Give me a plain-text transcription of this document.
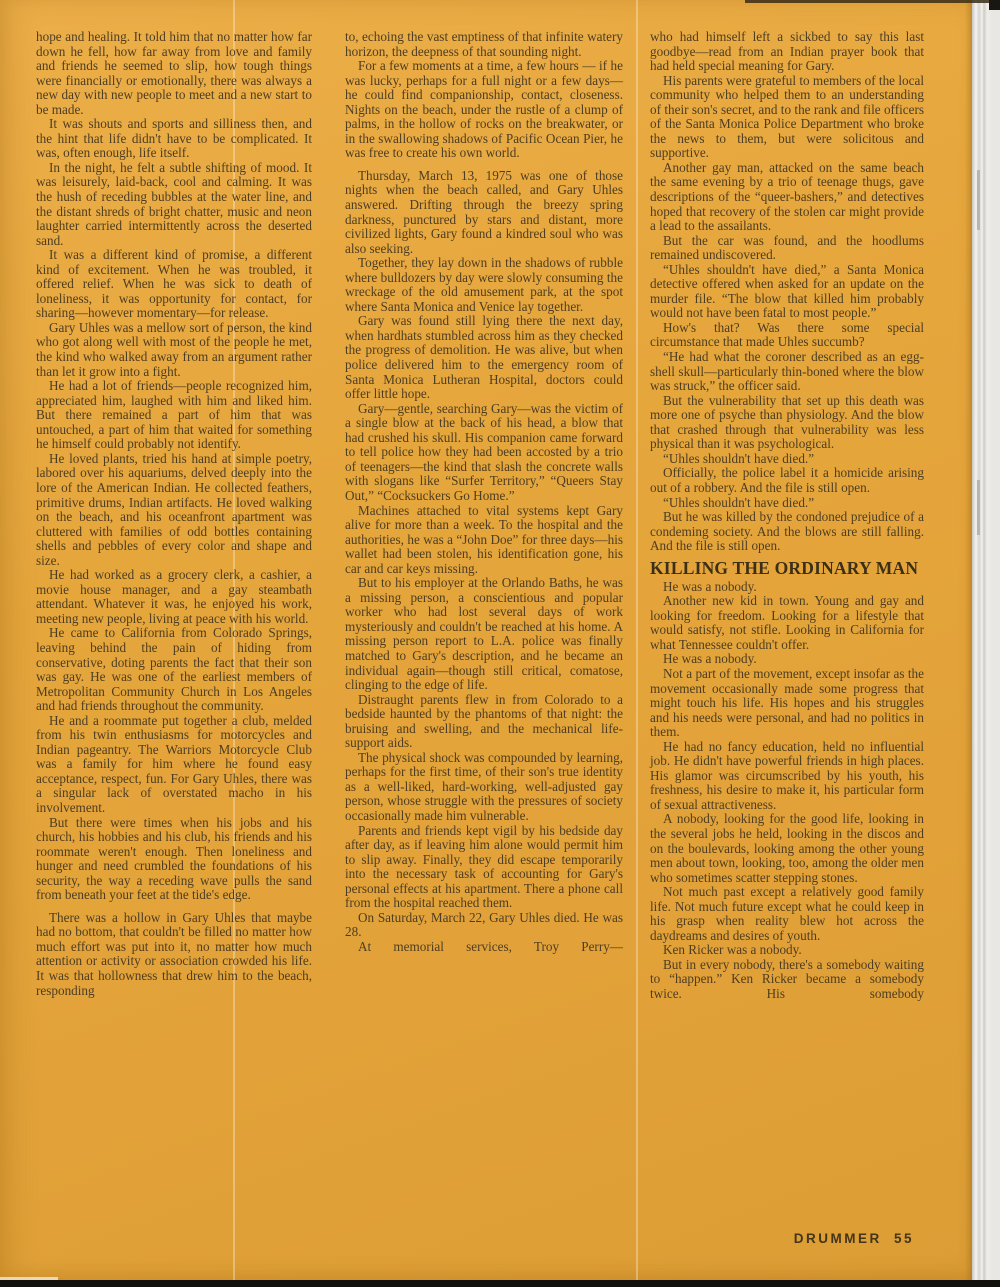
hope and healing. It told him that no matter how far down he fell, how far away from love and family and friends he seemed to slip, how tough things were financially or emotionally, there was always a new day with new people to meet and a new start to be made.

It was shouts and sports and silliness then, and the hint that life didn't have to be complicated. It was, often enough, life itself.

In the night, he felt a subtle shifting of mood. It was leisurely, laid-back, cool and calming. It was the hush of receding bubbles at the water line, and the distant shreds of bright chatter, music and neon laughter carried intermittently across the deserted sand.

It was a different kind of promise, a different kind of excitement. When he was troubled, it offered relief. When he was sick to death of loneliness, it was opportunity for contact, for sharing—however momentary—for release.

Gary Uhles was a mellow sort of person, the kind who got along well with most of the people he met, the kind who walked away from an argument rather than let it grow into a fight.

He had a lot of friends—people recognized him, appreciated him, laughed with him and liked him. But there remained a part of him that was untouched, a part of him that waited for something he himself could probably not identify.

He loved plants, tried his hand at simple poetry, labored over his aquariums, delved deeply into the lore of the American Indian. He collected feathers, primitive drums, Indian artifacts. He loved walking on the beach, and his oceanfront apartment was cluttered with families of odd bottles containing shells and pebbles of every color and shape and size.

He had worked as a grocery clerk, a cashier, a movie house manager, and a gay steambath attendant. Whatever it was, he enjoyed his work, meeting new people, living at peace with his world.

He came to California from Colorado Springs, leaving behind the pain of hiding from conservative, doting parents the fact that their son was gay. He was one of the earliest members of Metropolitan Community Church in Los Angeles and had friends throughout the community.

He and a roommate put together a club, melded from his twin enthusiasms for motorcycles and Indian pageantry. The Warriors Motorcycle Club was a family for him where he found easy acceptance, respect, fun. For Gary Uhles, there was a singular lack of overstated macho in his involvement.

But there were times when his jobs and his church, his hobbies and his club, his friends and his roommate weren't enough. Then loneliness and hunger and need crumbled the foundations of his security, the way a receding wave pulls the sand from beneath your feet at the tide's edge.

There was a hollow in Gary Uhles that maybe had no bottom, that couldn't be filled no matter how much effort was put into it, no matter how much attention or activity or association crowded his life. It was that hollowness that drew him to the beach, responding

to, echoing the vast emptiness of that infinite watery horizon, the deepness of that sounding night.

For a few moments at a time, a few hours — if he was lucky, perhaps for a full night or a few days—he could find companionship, contact, closeness. Nights on the beach, under the rustle of a clump of palms, in the hollow of rocks on the breakwater, or in the swallowing shadows of Pacific Ocean Pier, he was free to create his own world.

Thursday, March 13, 1975 was one of those nights when the beach called, and Gary Uhles answered. Drifting through the breezy spring darkness, punctured by stars and distant, more civilized lights, Gary found a kindred soul who was also seeking.

Together, they lay down in the shadows of rubble where bulldozers by day were slowly consuming the wreckage of the old amusement park, at the spot where Santa Monica and Venice lay together.

Gary was found still lying there the next day, when hardhats stumbled across him as they checked the progress of demolition. He was alive, but when police delivered him to the emergency room of Santa Monica Lutheran Hospital, doctors could offer little hope.

Gary—gentle, searching Gary—was the victim of a single blow at the back of his head, a blow that had crushed his skull. His companion came forward to tell police how they had been accosted by a trio of teenagers—the kind that slash the concrete walls with slogans like “Surfer Territory,” “Queers Stay Out,” “Cocksuckers Go Home.”

Machines attached to vital systems kept Gary alive for more than a week. To the hospital and the authorities, he was a “John Doe” for three days—his wallet had been stolen, his identification gone, his car and car keys missing.

But to his employer at the Orlando Baths, he was a missing person, a conscientious and popular worker who had lost several days of work mysteriously and couldn't be reached at his home. A missing person report to L.A. police was finally matched to Gary's description, and he became an individual again—though still critical, comatose, clinging to the edge of life.

Distraught parents flew in from Colorado to a bedside haunted by the phantoms of that night: the bruising and swelling, and the mechanical life-support aids.

The physical shock was compounded by learning, perhaps for the first time, of their son's true identity as a well-liked, hard-working, well-adjusted gay person, whose struggle with the pressures of society occasionally made him vulnerable.

Parents and friends kept vigil by his bedside day after day, as if leaving him alone would permit him to slip away. Finally, they did escape temporarily into the necessary task of accounting for Gary's personal effects at his apartment. There a phone call from the hospital reached them.

On Saturday, March 22, Gary Uhles died. He was 28.

At memorial services, Troy Perry—

who had himself left a sickbed to say this last goodbye—read from an Indian prayer book that had held special meaning for Gary.

His parents were grateful to members of the local community who helped them to an understanding of their son's secret, and to the rank and file officers of the Santa Monica Police Department who broke the news to them, but were solicitous and supportive.

Another gay man, attacked on the same beach the same evening by a trio of teenage thugs, gave descriptions of the “queer-bashers,” and detectives hoped that recovery of the stolen car might provide a lead to the assailants.

But the car was found, and the hoodlums remained undiscovered.

“Uhles shouldn't have died,” a Santa Monica detective offered when asked for an update on the murder file. “The blow that killed him probably would not have been fatal to most people.”

How's that? Was there some special circumstance that made Uhles succumb?

“He had what the coroner described as an egg-shell skull—particularly thin-boned where the blow was struck,” the officer said.

But the vulnerability that set up this death was more one of psyche than physiology. And the blow that crashed through that vulnerability was less physical than it was psychological.

“Uhles shouldn't have died.”

Officially, the police label it a homicide arising out of a robbery. And the file is still open.

“Uhles shouldn't have died.”

But he was killed by the condoned prejudice of a condeming society. And the blows are still falling. And the file is still open.

KILLING THE ORDINARY MAN

He was a nobody.

Another new kid in town. Young and gay and looking for freedom. Looking for a lifestyle that would satisfy, not stifle. Looking in California for what Tennessee couldn't offer.

He was a nobody.

Not a part of the movement, except insofar as the movement occasionally made some progress that might touch his life. His hopes and his struggles and his needs were personal, and had no politics in them.

He had no fancy education, held no influential job. He didn't have powerful friends in high places. His glamor was circumscribed by his youth, his freshness, his desire to make it, his particular form of sexual attractiveness.

A nobody, looking for the good life, looking in the several jobs he held, looking in the discos and on the boulevards, looking among the other young men about town, looking, too, among the older men who sometimes scatter stepping stones.

Not much past except a relatively good family life. Not much future except what he could keep in his grasp when reality blew hot across the daydreams and desires of youth.

Ken Ricker was a nobody.

But in every nobody, there's a somebody waiting to “happen.” Ken Ricker became a somebody twice. His somebody

DRUMMER 55
